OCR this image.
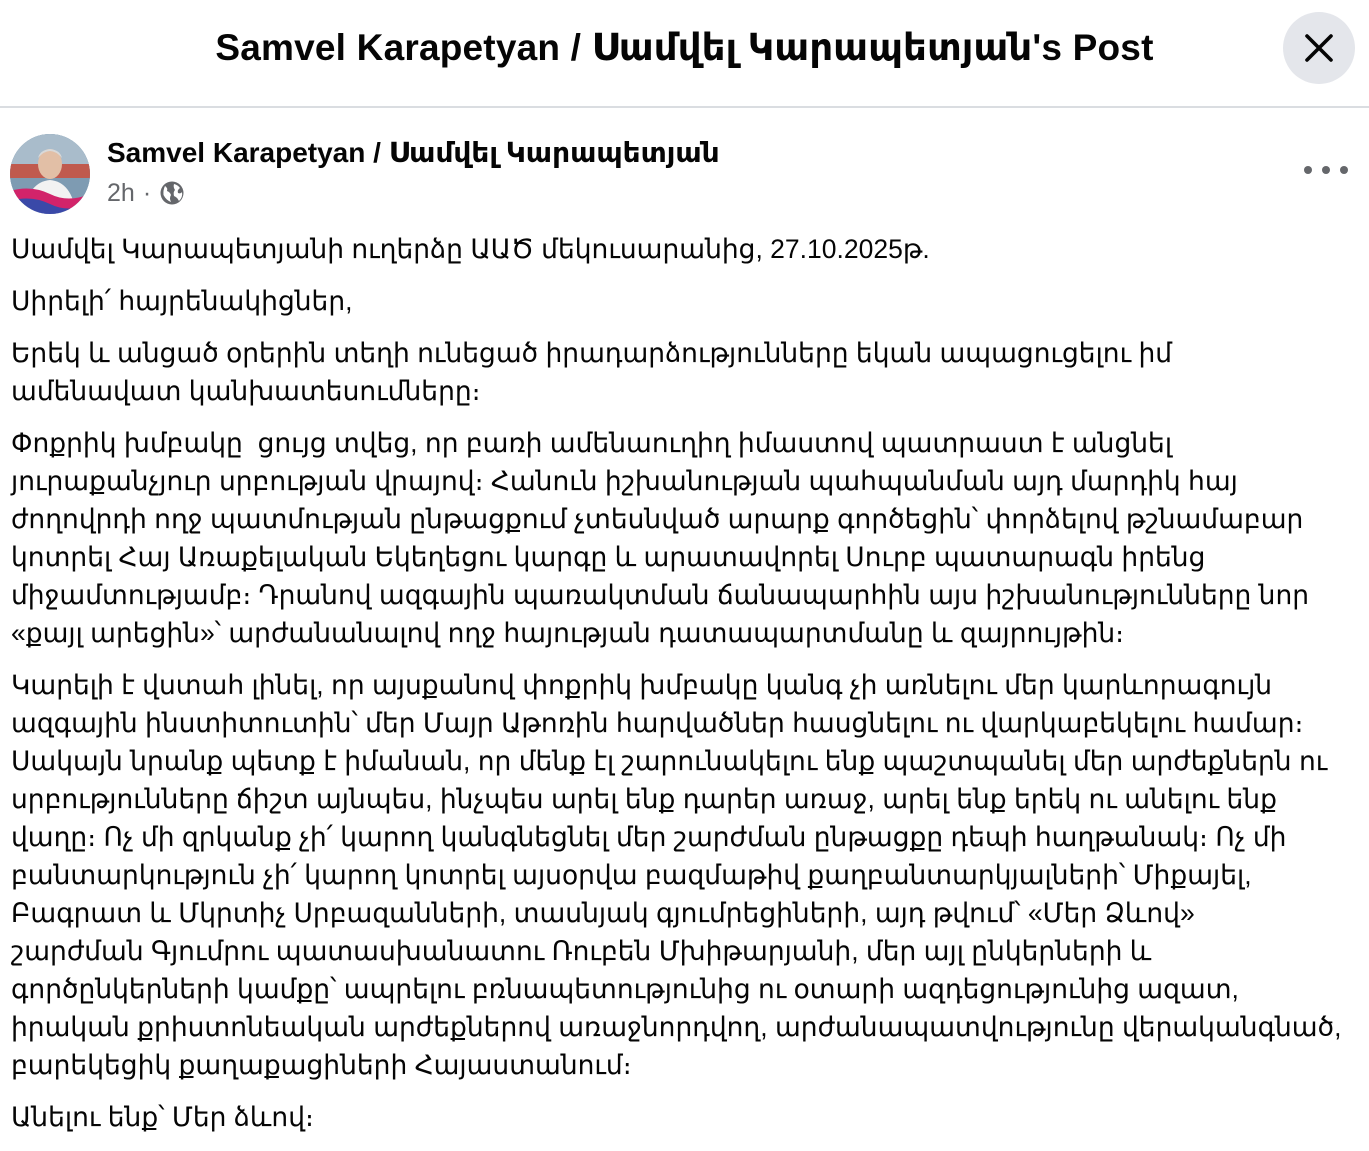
Samvel Karapetyan / Սամվել Կարապետյան's Post
Samvel Karapetyan / Սամվել Կարապետյան
2h ·

Սամվել Կարապետյանի ուղերձը ԱԱԾ մեկուսարանից, 27.10.2025թ.

Սիրելի՛ հայրենակիցներ,

Երեկ և անցած օրերին տեղի ունեցած իրադարձությունները եկան ապացուցելու իմ
ամենավատ կանխատեսումները։

Փոքրիկ խմբակը  ցույց տվեց, որ բառի ամենաուղիղ իմաստով պատրաստ է անցնել
յուրաքանչյուր սրբության վրայով։ Հանուն իշխանության պահպանման այդ մարդիկ հայ
ժողովրդի ողջ պատմության ընթացքում չտեսնված արարք գործեցին՝ փորձելով թշնամաբար
կոտրել Հայ Առաքելական Եկեղեցու կարգը և արատավորել Սուրբ պատարագն իրենց
միջամտությամբ։ Դրանով ազգային պառակտման ճանապարհին այս իշխանությունները նոր
«քայլ արեցին»՝ արժանանալով ողջ հայության դատապարտմանը և զայրույթին։

Կարելի է վստահ լինել, որ այսքանով փոքրիկ խմբակը կանգ չի առնելու մեր կարևորագույն
ազգային ինստիտուտին՝ մեր Մայր Աթոռին հարվածներ հասցնելու ու վարկաբեկելու համար։
Սակայն նրանք պետք է իմանան, որ մենք էլ շարունակելու ենք պաշտպանել մեր արժեքներն ու
սրբությունները ճիշտ այնպես, ինչպես արել ենք դարեր առաջ, արել ենք երեկ ու անելու ենք
վաղը։ Ոչ մի զրկանք չի՛ կարող կանգնեցնել մեր շարժման ընթացքը դեպի հաղթանակ։ Ոչ մի
բանտարկություն չի՛ կարող կոտրել այսօրվա բազմաթիվ քաղբանտարկյալների՝ Միքայել,
Բագրատ և Մկրտիչ Սրբազանների, տասնյակ գյումրեցիների, այդ թվում՝ «Մեր Ձևով»
շարժման Գյումրու պատասխանատու Ռուբեն Մխիթարյանի, մեր այլ ընկերների և
գործընկերների կամքը՝ ապրելու բռնապետությունից ու օտարի ազդեցությունից ազատ,
իրական քրիստոնեական արժեքներով առաջնորդվող, արժանապատվությունը վերականգնած,
բարեկեցիկ քաղաքացիների Հայաստանում։

Անելու ենք՝ Մեր ձևով։
